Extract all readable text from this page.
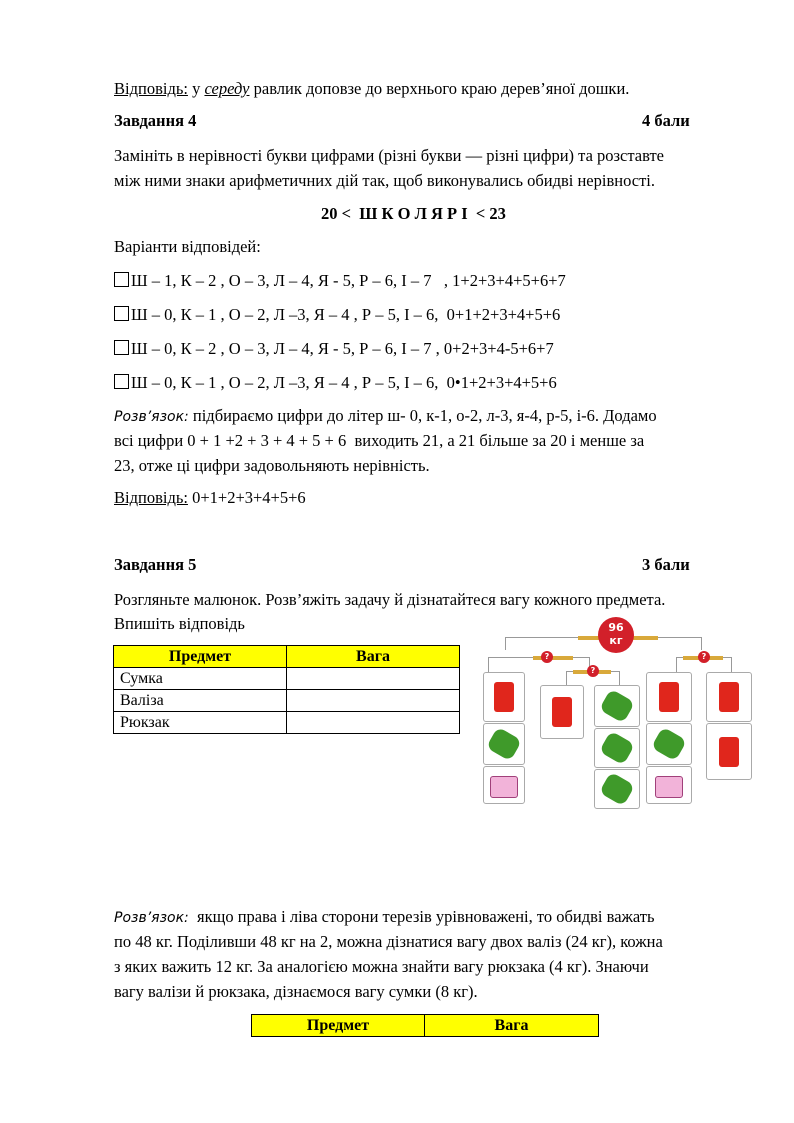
Відповідь: у середу равлик доповзе до верхнього краю дерев’яної дошки.
Завдання 4	4 бали
Замініть в нерівності букви цифрами (різні букви — різні цифри) та розставте
між ними знаки арифметичних дій так, щоб виконувались обидві нерівності.
20 <  Ш К О Л Я Р І  < 23
Варіанти відповідей:
Ш – 1, К – 2 , О – 3, Л – 4, Я - 5, Р – 6, І – 7   , 1+2+3+4+5+6+7
Ш – 0, К – 1 , О – 2, Л –3, Я – 4 , Р – 5, І – 6,  0+1+2+3+4+5+6
Ш – 0, К – 2 , О – 3, Л – 4, Я - 5, Р – 6, І – 7 , 0+2+3+4-5+6+7
Ш – 0, К – 1 , О – 2, Л –3, Я – 4 , Р – 5, І – 6,  0•1+2+3+4+5+6
Розв’язок: підбираємо цифри до літер ш- 0, к-1, о-2, л-3, я-4, р-5, і-6. Додамо
всі цифри 0 + 1 +2 + 3 + 4 + 5 + 6  виходить 21, а 21 більше за 20 і менше за
23, отже ці цифри задовольняють нерівність.
Відповідь: 0+1+2+3+4+5+6
Завдання 5	3 бали
Розгляньте малюнок. Розв’яжіть задачу й дізнатайтеся вагу кожного предмета.
Впишіть відповідь
Предмет	Вага
Сумка	
Валіза	
Рюкзак	
96
кг
?
?
?
Розв’язок:  якщо права і ліва сторони терезів урівноважені, то обидві важать
по 48 кг. Поділивши 48 кг на 2, можна дізнатися вагу двох валіз (24 кг), кожна
з яких важить 12 кг. За аналогією можна знайти вагу рюкзака (4 кг). Знаючи
вагу валізи й рюкзака, дізнаємося вагу сумки (8 кг).
Предмет	Вага
